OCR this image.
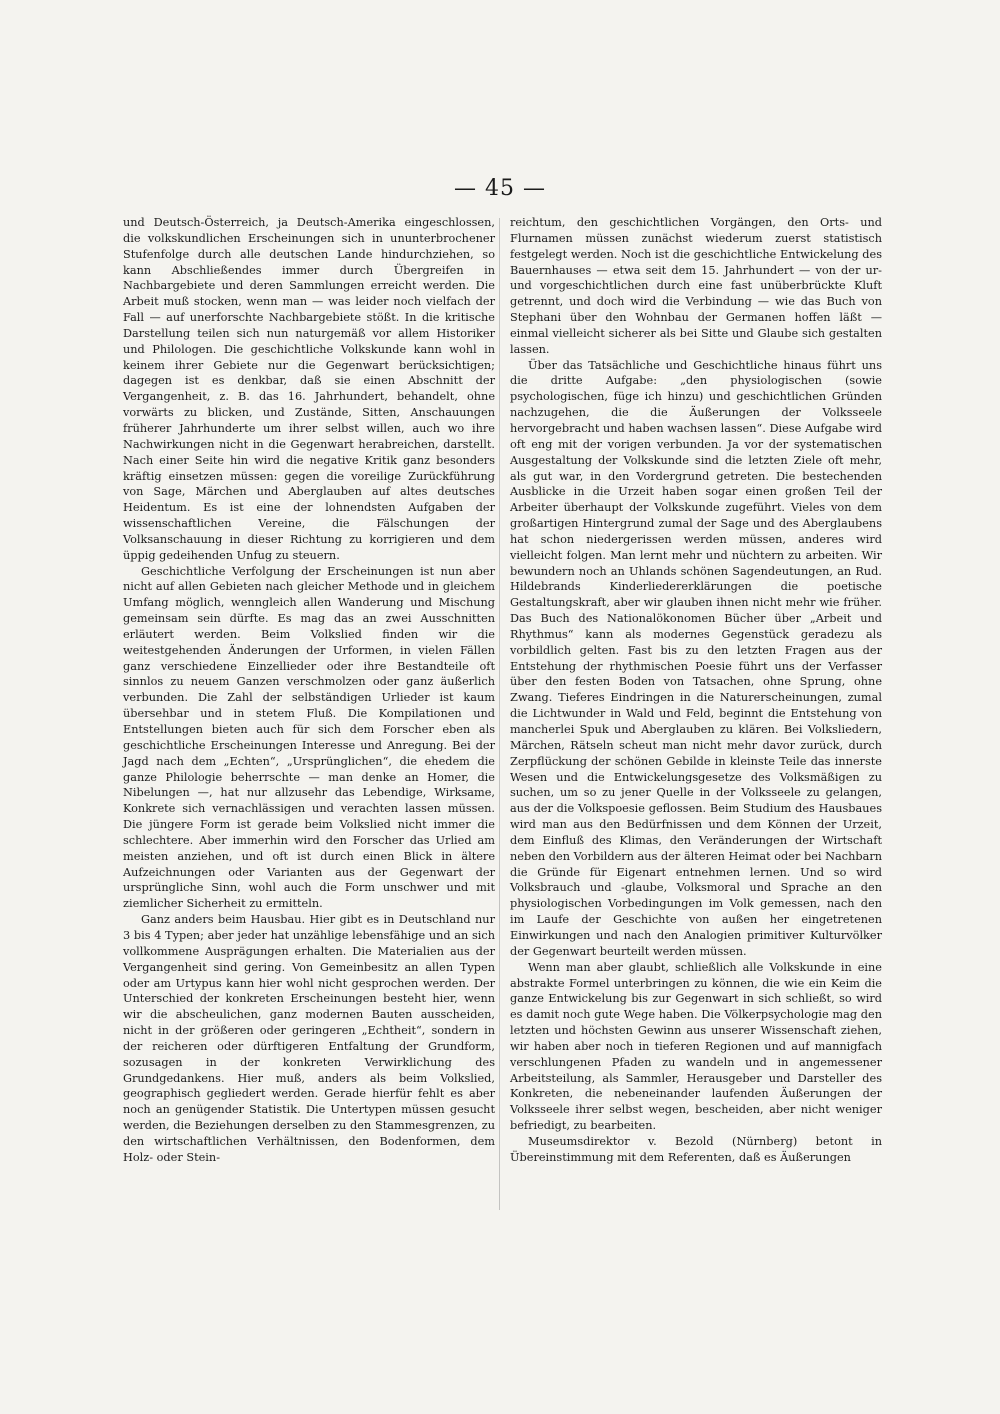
— 45 —

und Deutsch-Österreich, ja Deutsch-Amerika eingeschlossen, die volkskundlichen Erscheinungen sich in ununterbrochener Stufenfolge durch alle deutschen Lande hindurchziehen, so kann Abschließendes immer durch Übergreifen in Nachbargebiete und deren Sammlungen erreicht werden. Die Arbeit muß stocken, wenn man — was leider noch vielfach der Fall — auf unerforschte Nachbargebiete stößt. In die kritische Darstellung teilen sich nun naturgemäß vor allem Historiker und Philologen. Die geschichtliche Volkskunde kann wohl in keinem ihrer Gebiete nur die Gegenwart berücksichtigen; dagegen ist es denkbar, daß sie einen Abschnitt der Vergangenheit, z. B. das 16. Jahrhundert, behandelt, ohne vorwärts zu blicken, und Zustände, Sitten, Anschauungen früherer Jahrhunderte um ihrer selbst willen, auch wo ihre Nachwirkungen nicht in die Gegenwart herabreichen, darstellt. Nach einer Seite hin wird die negative Kritik ganz besonders kräftig einsetzen müssen: gegen die voreilige Zurückführung von Sage, Märchen und Aberglauben auf altes deutsches Heidentum. Es ist eine der lohnendsten Aufgaben der wissenschaftlichen Vereine, die Fälschungen der Volksanschauung in dieser Richtung zu korrigieren und dem üppig gedeihenden Unfug zu steuern.

Geschichtliche Verfolgung der Erscheinungen ist nun aber nicht auf allen Gebieten nach gleicher Methode und in gleichem Umfang möglich, wenngleich allen Wanderung und Mischung gemeinsam sein dürfte. Es mag das an zwei Ausschnitten erläutert werden. Beim Volkslied finden wir die weitestgehenden Änderungen der Urformen, in vielen Fällen ganz verschiedene Einzellieder oder ihre Bestandteile oft sinnlos zu neuem Ganzen verschmolzen oder ganz äußerlich verbunden. Die Zahl der selbständigen Urlieder ist kaum übersehbar und in stetem Fluß. Die Kompilationen und Entstellungen bieten auch für sich dem Forscher eben als geschichtliche Erscheinungen Interesse und Anregung. Bei der Jagd nach dem „Echten“, „Ursprünglichen“, die ehedem die ganze Philologie beherrschte — man denke an Homer, die Nibelungen —, hat nur allzusehr das Lebendige, Wirksame, Konkrete sich vernachlässigen und verachten lassen müssen. Die jüngere Form ist gerade beim Volkslied nicht immer die schlechtere. Aber immerhin wird den Forscher das Urlied am meisten anziehen, und oft ist durch einen Blick in ältere Aufzeichnungen oder Varianten aus der Gegenwart der ursprüngliche Sinn, wohl auch die Form unschwer und mit ziemlicher Sicherheit zu ermitteln.

Ganz anders beim Hausbau. Hier gibt es in Deutschland nur 3 bis 4 Typen; aber jeder hat unzählige lebensfähige und an sich vollkommene Ausprägungen erhalten. Die Materialien aus der Vergangenheit sind gering. Von Gemeinbesitz an allen Typen oder am Urtypus kann hier wohl nicht gesprochen werden. Der Unterschied der konkreten Erscheinungen besteht hier, wenn wir die abscheulichen, ganz modernen Bauten ausscheiden, nicht in der größeren oder geringeren „Echtheit“, sondern in der reicheren oder dürftigeren Entfaltung der Grundform, sozusagen in der konkreten Verwirklichung des Grundgedankens. Hier muß, anders als beim Volkslied, geographisch gegliedert werden. Gerade hierfür fehlt es aber noch an genügender Statistik. Die Untertypen müssen gesucht werden, die Beziehungen derselben zu den Stammesgrenzen, zu den wirtschaftlichen Verhältnissen, den Bodenformen, dem Holz- oder Stein-

reichtum, den geschichtlichen Vorgängen, den Orts- und Flurnamen müssen zunächst wiederum zuerst statistisch festgelegt werden. Noch ist die geschichtliche Entwickelung des Bauernhauses — etwa seit dem 15. Jahrhundert — von der ur- und vorgeschichtlichen durch eine fast unüberbrückte Kluft getrennt, und doch wird die Verbindung — wie das Buch von Stephani über den Wohnbau der Germanen hoffen läßt — einmal vielleicht sicherer als bei Sitte und Glaube sich gestalten lassen.

Über das Tatsächliche und Geschichtliche hinaus führt uns die dritte Aufgabe: „den physiologischen (sowie psychologischen, füge ich hinzu) und geschichtlichen Gründen nachzugehen, die die Äußerungen der Volksseele hervorgebracht und haben wachsen lassen“. Diese Aufgabe wird oft eng mit der vorigen verbunden. Ja vor der systematischen Ausgestaltung der Volkskunde sind die letzten Ziele oft mehr, als gut war, in den Vordergrund getreten. Die bestechenden Ausblicke in die Urzeit haben sogar einen großen Teil der Arbeiter überhaupt der Volkskunde zugeführt. Vieles von dem großartigen Hintergrund zumal der Sage und des Aberglaubens hat schon niedergerissen werden müssen, anderes wird vielleicht folgen. Man lernt mehr und nüchtern zu arbeiten. Wir bewundern noch an Uhlands schönen Sagendeutungen, an Rud. Hildebrands Kinderliedererklärungen die poetische Gestaltungskraft, aber wir glauben ihnen nicht mehr wie früher. Das Buch des Nationalökonomen Bücher über „Arbeit und Rhythmus“ kann als modernes Gegenstück geradezu als vorbildlich gelten. Fast bis zu den letzten Fragen aus der Entstehung der rhythmischen Poesie führt uns der Verfasser über den festen Boden von Tatsachen, ohne Sprung, ohne Zwang. Tieferes Eindringen in die Naturerscheinungen, zumal die Lichtwunder in Wald und Feld, beginnt die Entstehung von mancherlei Spuk und Aberglauben zu klären. Bei Volksliedern, Märchen, Rätseln scheut man nicht mehr davor zurück, durch Zerpflückung der schönen Gebilde in kleinste Teile das innerste Wesen und die Entwickelungsgesetze des Volksmäßigen zu suchen, um so zu jener Quelle in der Volksseele zu gelangen, aus der die Volkspoesie geflossen. Beim Studium des Hausbaues wird man aus den Bedürfnissen und dem Können der Urzeit, dem Einfluß des Klimas, den Veränderungen der Wirtschaft neben den Vorbildern aus der älteren Heimat oder bei Nachbarn die Gründe für Eigenart entnehmen lernen. Und so wird Volksbrauch und -glaube, Volksmoral und Sprache an den physiologischen Vorbedingungen im Volk gemessen, nach den im Laufe der Geschichte von außen her eingetretenen Einwirkungen und nach den Analogien primitiver Kulturvölker der Gegenwart beurteilt werden müssen.

Wenn man aber glaubt, schließlich alle Volkskunde in eine abstrakte Formel unterbringen zu können, die wie ein Keim die ganze Entwickelung bis zur Gegenwart in sich schließt, so wird es damit noch gute Wege haben. Die Völkerpsychologie mag den letzten und höchsten Gewinn aus unserer Wissenschaft ziehen, wir haben aber noch in tieferen Regionen und auf mannigfach verschlungenen Pfaden zu wandeln und in angemessener Arbeitsteilung, als Sammler, Herausgeber und Darsteller des Konkreten, die nebeneinander laufenden Äußerungen der Volksseele ihrer selbst wegen, bescheiden, aber nicht weniger befriedigt, zu bearbeiten.

Museumsdirektor v. Bezold (Nürnberg) betont in Übereinstimmung mit dem Referenten, daß es Äußerungen
